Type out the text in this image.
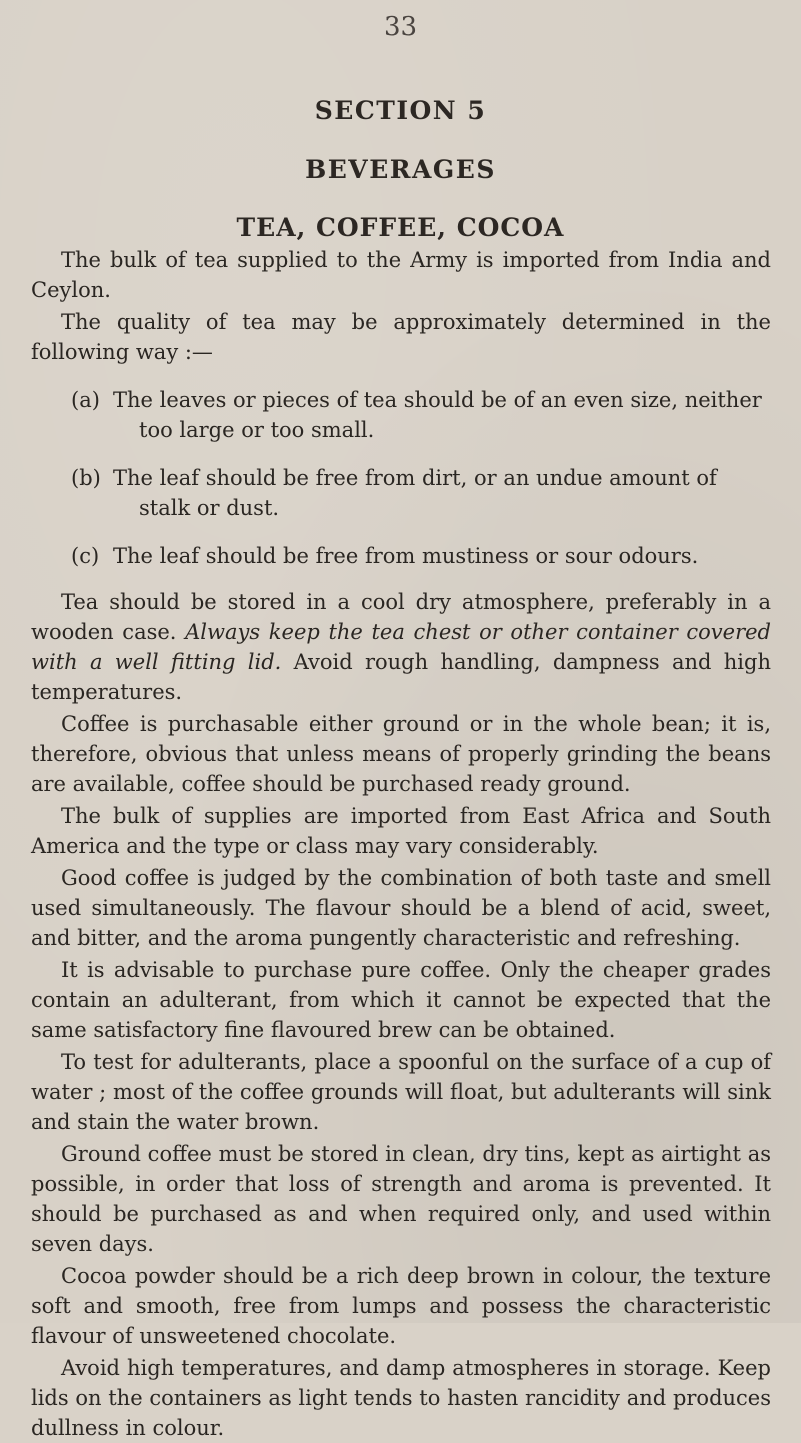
33
SECTION 5
BEVERAGES
TEA, COFFEE, COCOA

The bulk of tea supplied to the Army is imported from India and Ceylon.

The quality of tea may be approximately determined in the following way :—

(a) The leaves or pieces of tea should be of an even size, neither too large or too small.

(b) The leaf should be free from dirt, or an undue amount of stalk or dust.

(c) The leaf should be free from mustiness or sour odours.

Tea should be stored in a cool dry atmosphere, preferably in a wooden case. Always keep the tea chest or other container covered with a well fitting lid. Avoid rough handling, dampness and high temperatures.

Coffee is purchasable either ground or in the whole bean; it is, therefore, obvious that unless means of properly grinding the beans are available, coffee should be purchased ready ground.

The bulk of supplies are imported from East Africa and South America and the type or class may vary considerably.

Good coffee is judged by the combination of both taste and smell used simultaneously. The flavour should be a blend of acid, sweet, and bitter, and the aroma pungently characteristic and refreshing.

It is advisable to purchase pure coffee. Only the cheaper grades contain an adulterant, from which it cannot be expected that the same satisfactory fine flavoured brew can be obtained.

To test for adulterants, place a spoonful on the surface of a cup of water ; most of the coffee grounds will float, but adulterants will sink and stain the water brown.

Ground coffee must be stored in clean, dry tins, kept as airtight as possible, in order that loss of strength and aroma is prevented. It should be purchased as and when required only, and used within seven days.

Cocoa powder should be a rich deep brown in colour, the texture soft and smooth, free from lumps and possess the characteristic flavour of unsweetened chocolate.

Avoid high temperatures, and damp atmospheres in storage. Keep lids on the containers as light tends to hasten rancidity and produces dullness in colour.
